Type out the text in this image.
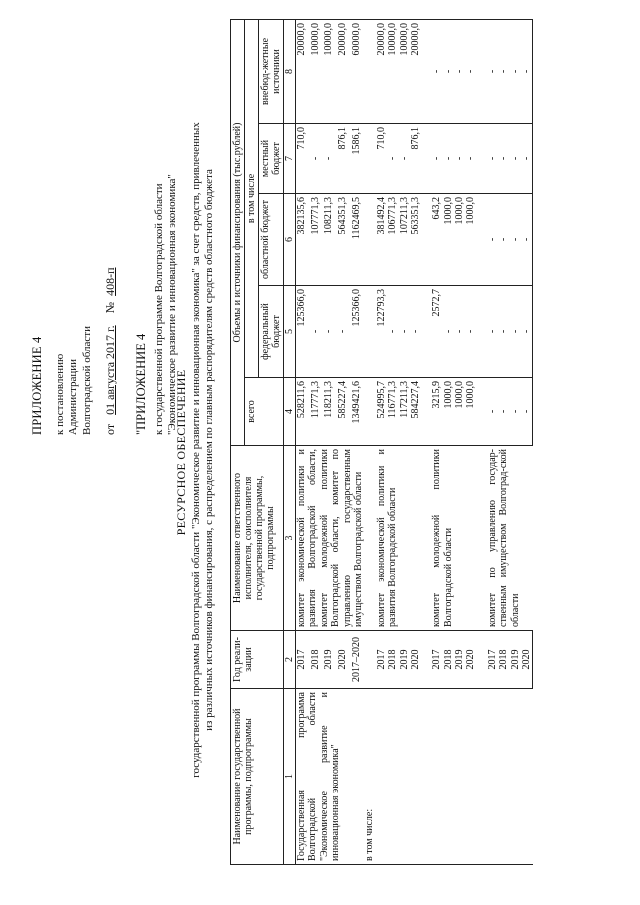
ПРИЛОЖЕНИЕ 4 к постановлению Администрации Волгоградской области от   01 августа 2017 г.    №  408-п
"ПРИЛОЖЕНИЕ 4 к государственной программе Волгоградской области "Экономическое развитие и инновационная экономика"
РЕСУРСНОЕ ОБЕСПЕЧЕНИЕ государственной программы Волгоградской области "Экономическое развитие и инновационная экономика" за счет средств, привлеченных из различных источников финансирования, с распределением по главным распорядителям средств областного бюджета
Наименование государственной программы, подпрограммы	Год реали-зации	Наименование ответственного исполнителя, соисполнителя государственной программы, подпрограммы	Объемы и источники финансирования (тыс.рублей)				
			всего	в том числе			
				федеральный бюджет	областной бюджет	местный бюджет	внебюд-жетные источники
1	2	3	4	5	6	7	8
Государственная программа Волгоградской области "Экономическое развитие и инновационная экономика"	2017	комитет экономической политики и развития Волгоградской области, комитет молодежной политики Волгоградской области, комитет по управлению государственным имуществом Волгоградской области	528211,6	125366,0	382135,6	710,0	20000,0
	2018		117771,3	-	107771,3	-	10000,0
	2019		118211,3	-	108211,3	-	10000,0
	2020		585227,4	-	564351,3	876,1	20000,0
	2017–2020		1349421,6	125366,0	1162469,5	1586,1	60000,0
в том числе:							
	2017	комитет экономической политики и развития Волгоградской области	524995,7	122793,3	381492,4	710,0	20000,0
	2018		116771,3	-	106771,3	-	10000,0
	2019		117211,3	-	107211,3	-	10000,0
	2020		584227,4	-	563351,3	876,1	20000,0

	2017	комитет молодежной политики Волгоградской области	3215,9	2572,7	643,2	-	-
	2018		1000,0	-	1000,0	-	-
	2019		1000,0	-	1000,0	-	-
	2020		1000,0	-	1000,0	-	-

	2017	комитет по управлению государ-ственным имуществом Волгоград-ской области	-	-	-	-	-
	2018		-	-	-	-	-
	2019		-	-	-	-	-
	2020		-	-	-	-	-
